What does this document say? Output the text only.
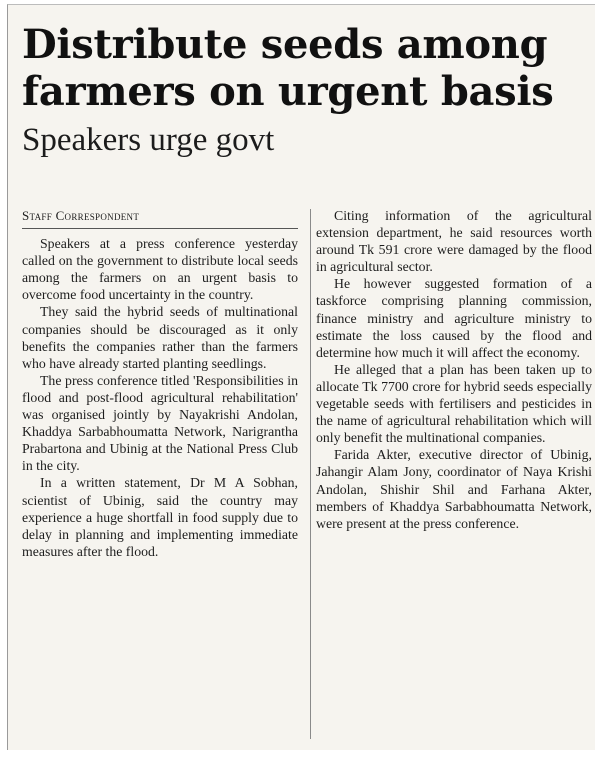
Distribute seeds among
farmers on urgent basis
Speakers urge govt
Staff Correspondent

Speakers at a press conference yesterday called on the government to distribute local seeds among the farmers on an urgent basis to overcome food uncertainty in the country.

They said the hybrid seeds of multinational companies should be discouraged as it only benefits the companies rather than the farmers who have already started planting seedlings.

The press conference titled 'Responsibilities in flood and post-flood agricultural rehabilitation' was organised jointly by Nayakrishi Andolan, Khaddya Sarbabhoumatta Network, Narigrantha Prabartona and Ubinig at the National Press Club in the city.

In a written statement, Dr M A Sobhan, scientist of Ubinig, said the country may experience a huge shortfall in food supply due to delay in planning and implementing immediate measures after the flood.

Citing information of the agricultural extension department, he said resources worth around Tk 591 crore were damaged by the flood in agricultural sector.

He however suggested formation of a taskforce comprising planning commission, finance ministry and agriculture ministry to estimate the loss caused by the flood and determine how much it will affect the economy.

He alleged that a plan has been taken up to allocate Tk 7700 crore for hybrid seeds especially vegetable seeds with fertilisers and pesticides in the name of agricultural rehabilitation which will only benefit the multinational companies.

Farida Akter, executive director of Ubinig, Jahangir Alam Jony, coordinator of Naya Krishi Andolan, Shishir Shil and Farhana Akter, members of Khaddya Sarbabhoumatta Network, were present at the press conference.
